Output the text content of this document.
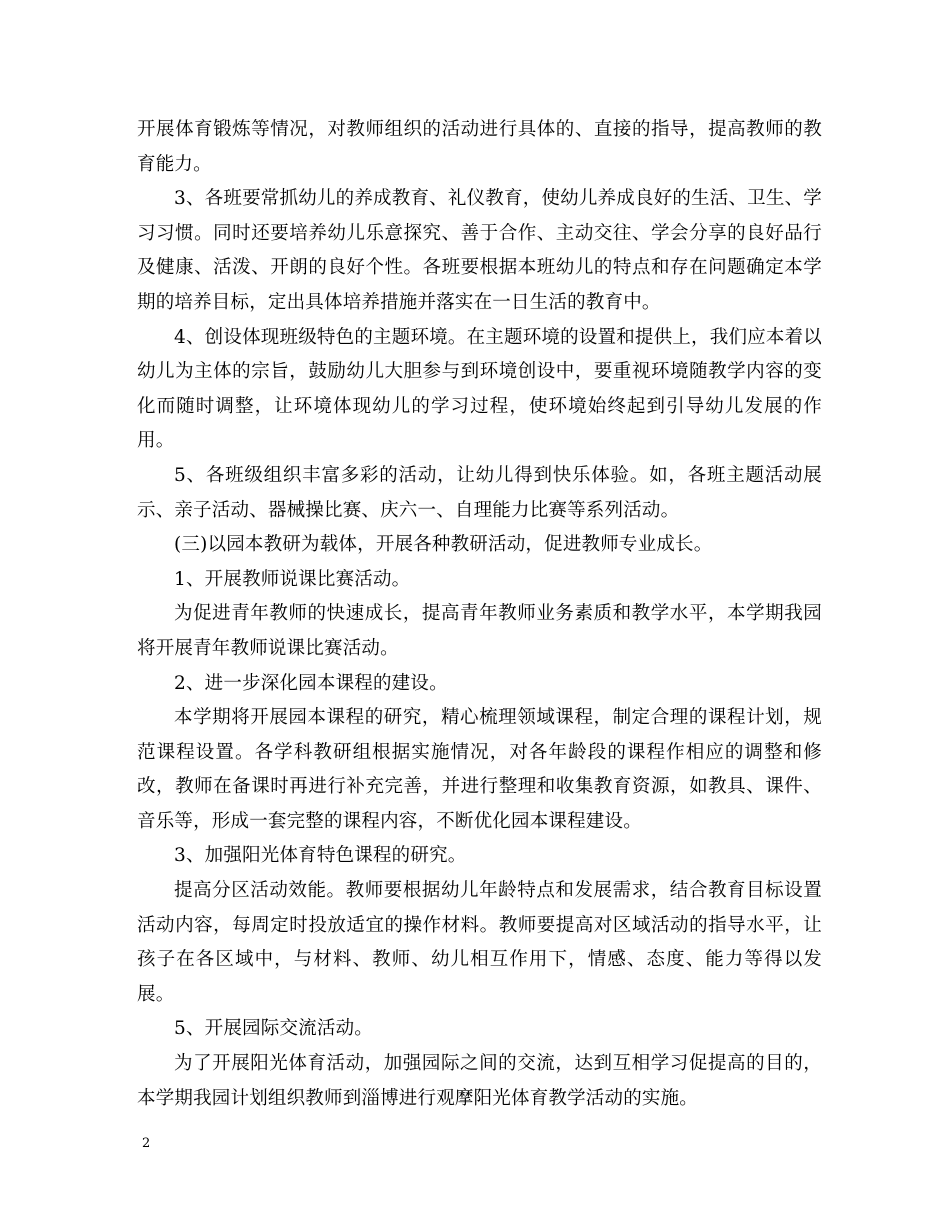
开展体育锻炼等情况，对教师组织的活动进行具体的、直接的指导，提高教师的教育能力。

3、各班要常抓幼儿的养成教育、礼仪教育，使幼儿养成良好的生活、卫生、学习习惯。同时还要培养幼儿乐意探究、善于合作、主动交往、学会分享的良好品行及健康、活泼、开朗的良好个性。各班要根据本班幼儿的特点和存在问题确定本学期的培养目标，定出具体培养措施并落实在一日生活的教育中。

4、创设体现班级特色的主题环境。在主题环境的设置和提供上，我们应本着以幼儿为主体的宗旨，鼓励幼儿大胆参与到环境创设中，要重视环境随教学内容的变化而随时调整，让环境体现幼儿的学习过程，使环境始终起到引导幼儿发展的作用。

5、各班级组织丰富多彩的活动，让幼儿得到快乐体验。如，各班主题活动展示、亲子活动、器械操比赛、庆六一、自理能力比赛等系列活动。

(三)以园本教研为载体，开展各种教研活动，促进教师专业成长。

1、开展教师说课比赛活动。

为促进青年教师的快速成长，提高青年教师业务素质和教学水平，本学期我园将开展青年教师说课比赛活动。

2、进一步深化园本课程的建设。

本学期将开展园本课程的研究，精心梳理领域课程，制定合理的课程计划，规范课程设置。各学科教研组根据实施情况，对各年龄段的课程作相应的调整和修改，教师在备课时再进行补充完善，并进行整理和收集教育资源，如教具、课件、音乐等，形成一套完整的课程内容，不断优化园本课程建设。

3、加强阳光体育特色课程的研究。

提高分区活动效能。教师要根据幼儿年龄特点和发展需求，结合教育目标设置活动内容，每周定时投放适宜的操作材料。教师要提高对区域活动的指导水平，让孩子在各区域中，与材料、教师、幼儿相互作用下，情感、态度、能力等得以发展。

5、开展园际交流活动。

为了开展阳光体育活动，加强园际之间的交流，达到互相学习促提高的目的，本学期我园计划组织教师到淄博进行观摩阳光体育教学活动的实施。

2
